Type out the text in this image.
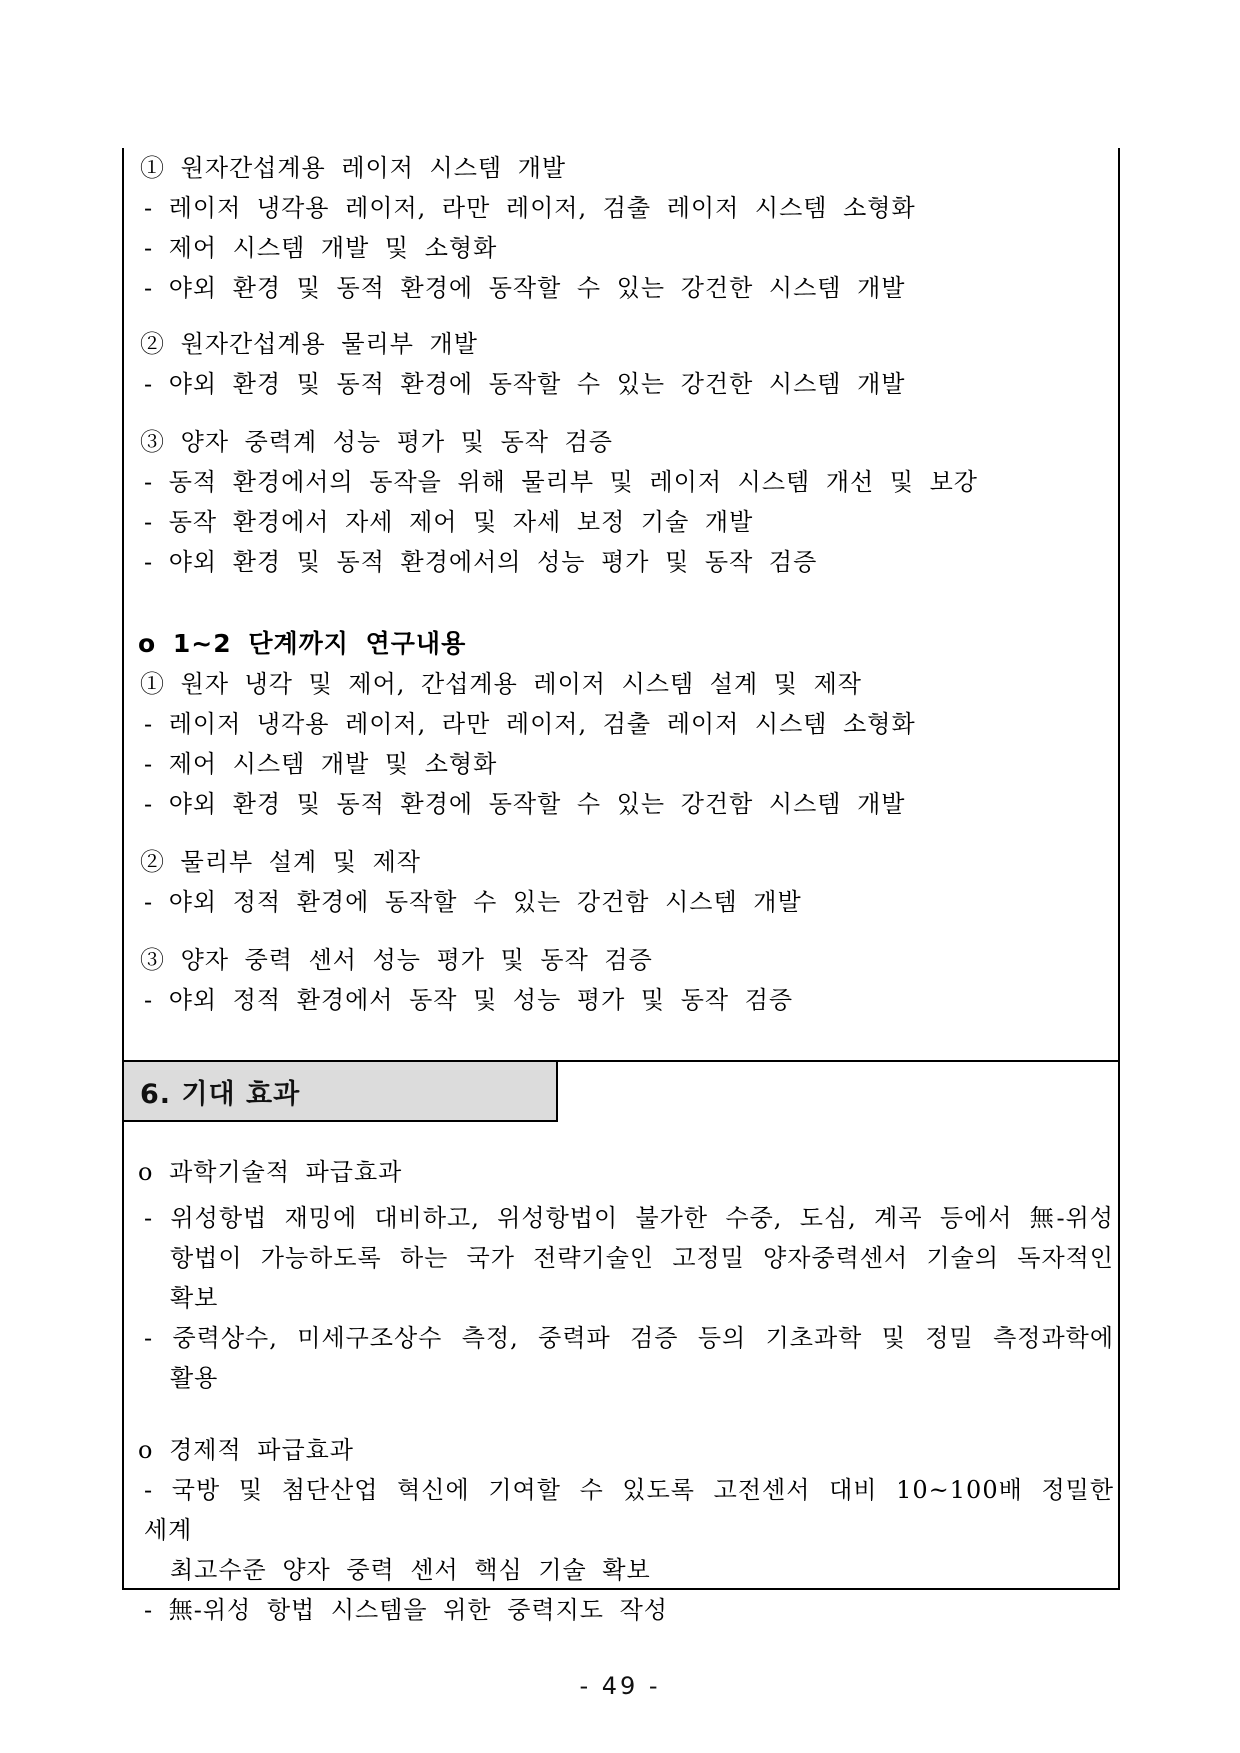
① 원자간섭계용 레이저 시스템 개발
- 레이저 냉각용 레이저, 라만 레이저, 검출 레이저 시스템 소형화
- 제어 시스템 개발 및 소형화
- 야외 환경 및 동적 환경에 동작할 수 있는 강건한 시스템 개발
② 원자간섭계용 물리부 개발
- 야외 환경 및 동적 환경에 동작할 수 있는 강건한 시스템 개발
③ 양자 중력계 성능 평가 및 동작 검증
- 동적 환경에서의 동작을 위해 물리부 및 레이저 시스템 개선 및 보강
- 동작 환경에서 자세 제어 및 자세 보정 기술 개발
- 야외 환경 및 동적 환경에서의 성능 평가 및 동작 검증
o 1~2 단계까지 연구내용
① 원자 냉각 및 제어, 간섭계용 레이저 시스템 설계 및 제작
- 레이저 냉각용 레이저, 라만 레이저, 검출 레이저 시스템 소형화
- 제어 시스템 개발 및 소형화
- 야외 환경 및 동적 환경에 동작할 수 있는 강건함 시스템 개발
② 물리부 설계 및 제작
- 야외 정적 환경에 동작할 수 있는 강건함 시스템 개발
③ 양자 중력 센서 성능 평가 및 동작 검증
- 야외 정적 환경에서 동작 및 성능 평가 및 동작 검증
6. 기대 효과
o 과학기술적 파급효과
- 위성항법 재밍에 대비하고, 위성항법이 불가한 수중, 도심, 계곡 등에서 無-위성
항법이 가능하도록 하는 국가 전략기술인 고정밀 양자중력센서 기술의 독자적인
확보
- 중력상수, 미세구조상수 측정, 중력파 검증 등의 기초과학 및 정밀 측정과학에
활용
o 경제적 파급효과
- 국방 및 첨단산업 혁신에 기여할 수 있도록 고전센서 대비 10~100배 정밀한 세계
최고수준 양자 중력 센서 핵심 기술 확보
- 無-위성 항법 시스템을 위한 중력지도 작성
- 49 -
